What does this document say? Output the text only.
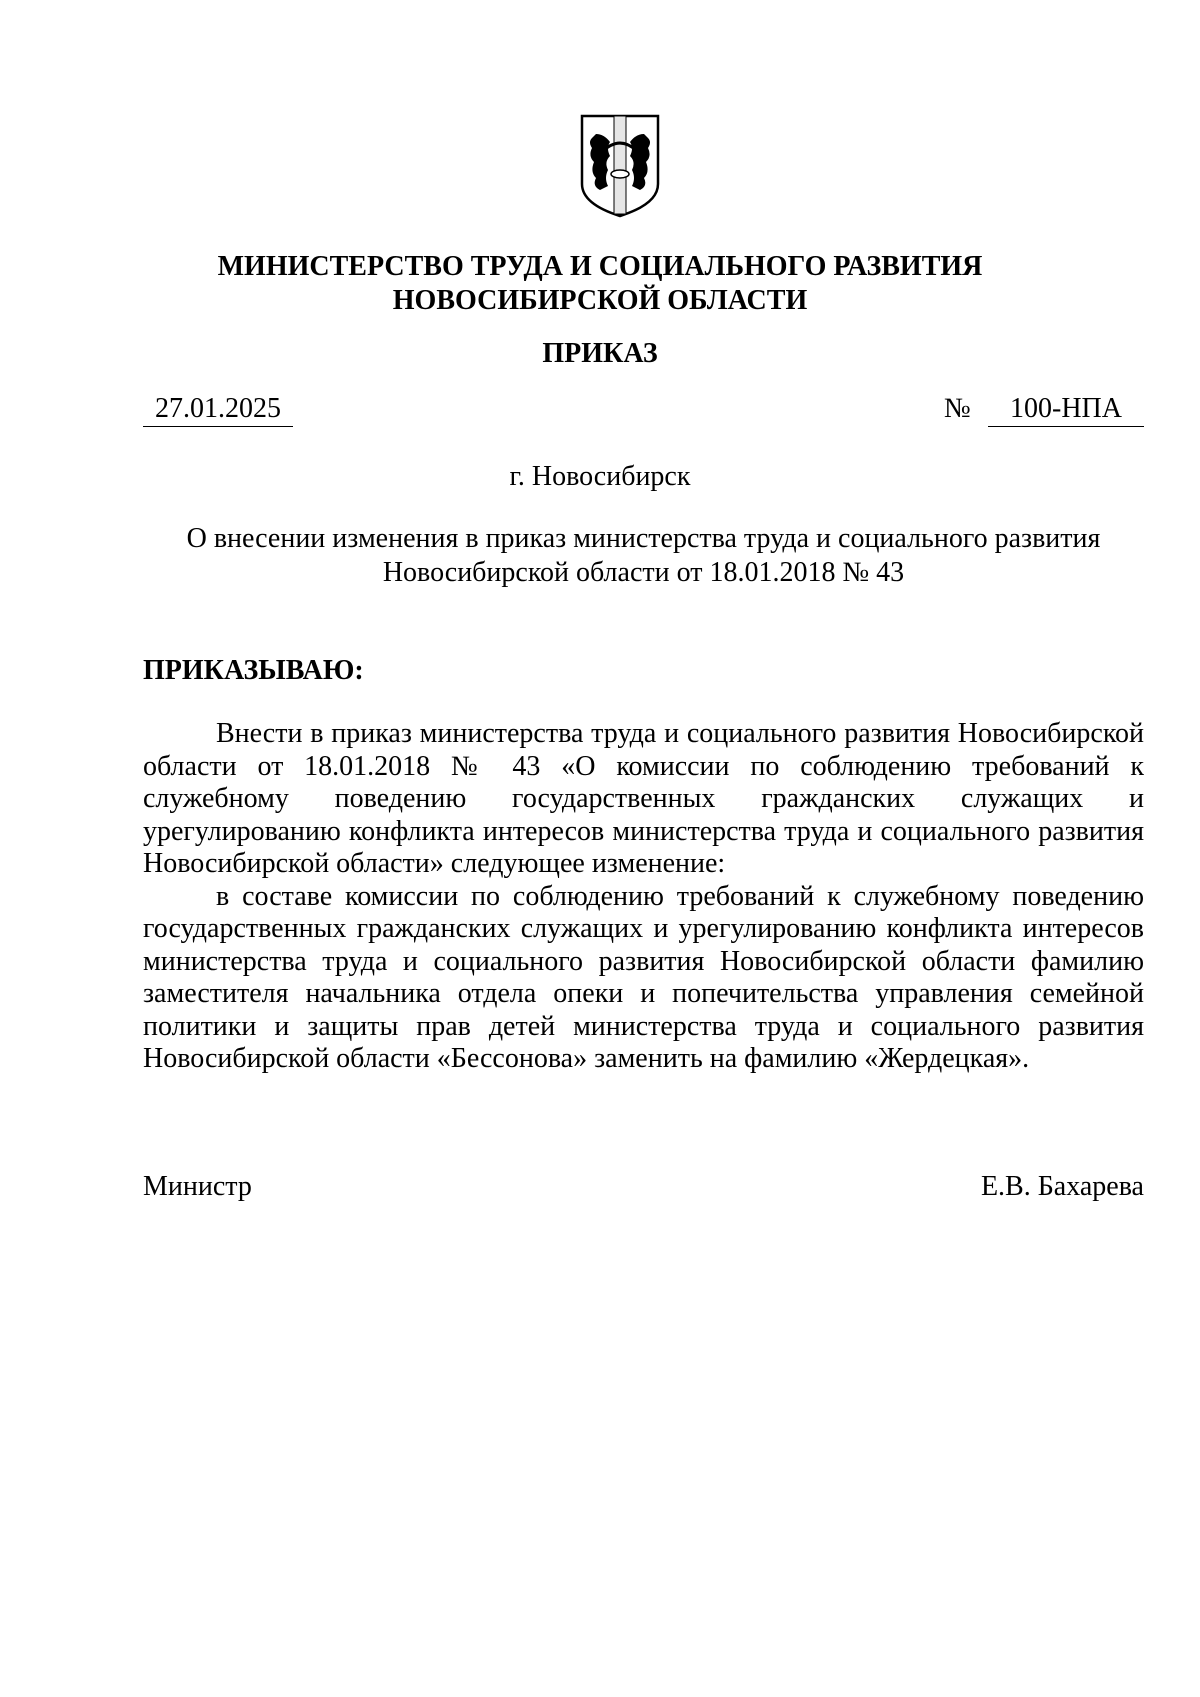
МИНИСТЕРСТВО ТРУДА И СОЦИАЛЬНОГО РАЗВИТИЯ
НОВОСИБИРСКОЙ ОБЛАСТИ
ПРИКАЗ
27.01.2025	№	100-НПА
г. Новосибирск
О внесении изменения в приказ министерства труда и социального развития Новосибирской области от 18.01.2018 № 43
ПРИКАЗЫВАЮ:

Внести в приказ министерства труда и социального развития Новосибирской области от 18.01.2018 № 43 «О комиссии по соблюдению требований к служебному поведению государственных гражданских служащих и урегулированию конфликта интересов министерства труда и социального развития Новосибирской области» следующее изменение:

в составе комиссии по соблюдению требований к служебному поведению государственных гражданских служащих и урегулированию конфликта интересов министерства труда и социального развития Новосибирской области фамилию заместителя начальника отдела опеки и попечительства управления семейной политики и защиты прав детей министерства труда и социального развития Новосибирской области «Бессонова» заменить на фамилию «Жердецкая».

Министр	Е.В. Бахарева
